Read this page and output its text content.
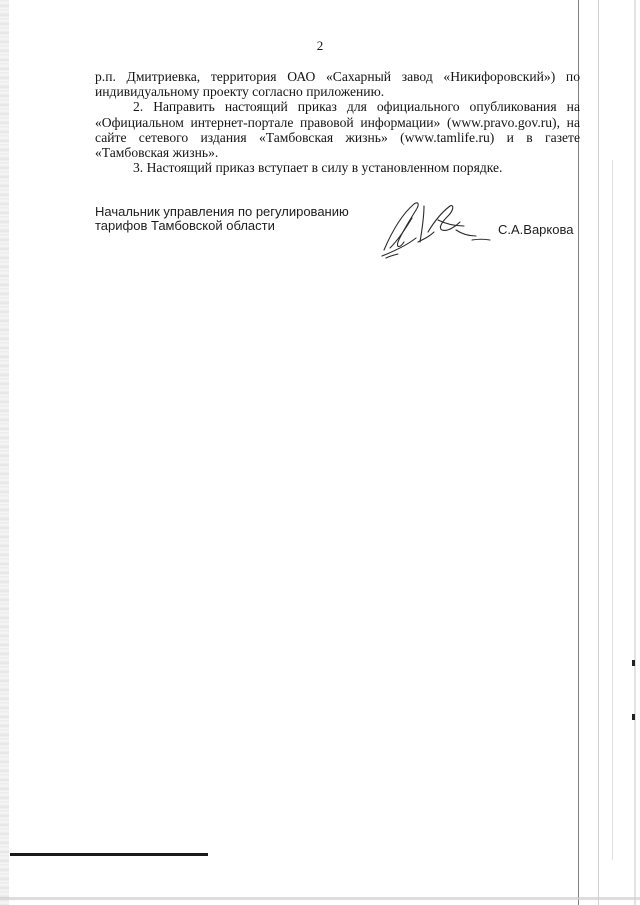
2

р.п. Дмитриевка, территория ОАО «Сахарный завод «Никифоровский») по индивидуальному проекту согласно приложению.

2. Направить настоящий приказ для официального опубликования на «Официальном интернет-портале правовой информации» (www.pravo.gov.ru), на сайте сетевого издания «Тамбовская жизнь» (www.tamlife.ru) и в газете «Тамбовская жизнь».

3. Настоящий приказ вступает в силу в установленном порядке.

Начальник управления по регулированию
тарифов Тамбовской области	С.А.Варкова
